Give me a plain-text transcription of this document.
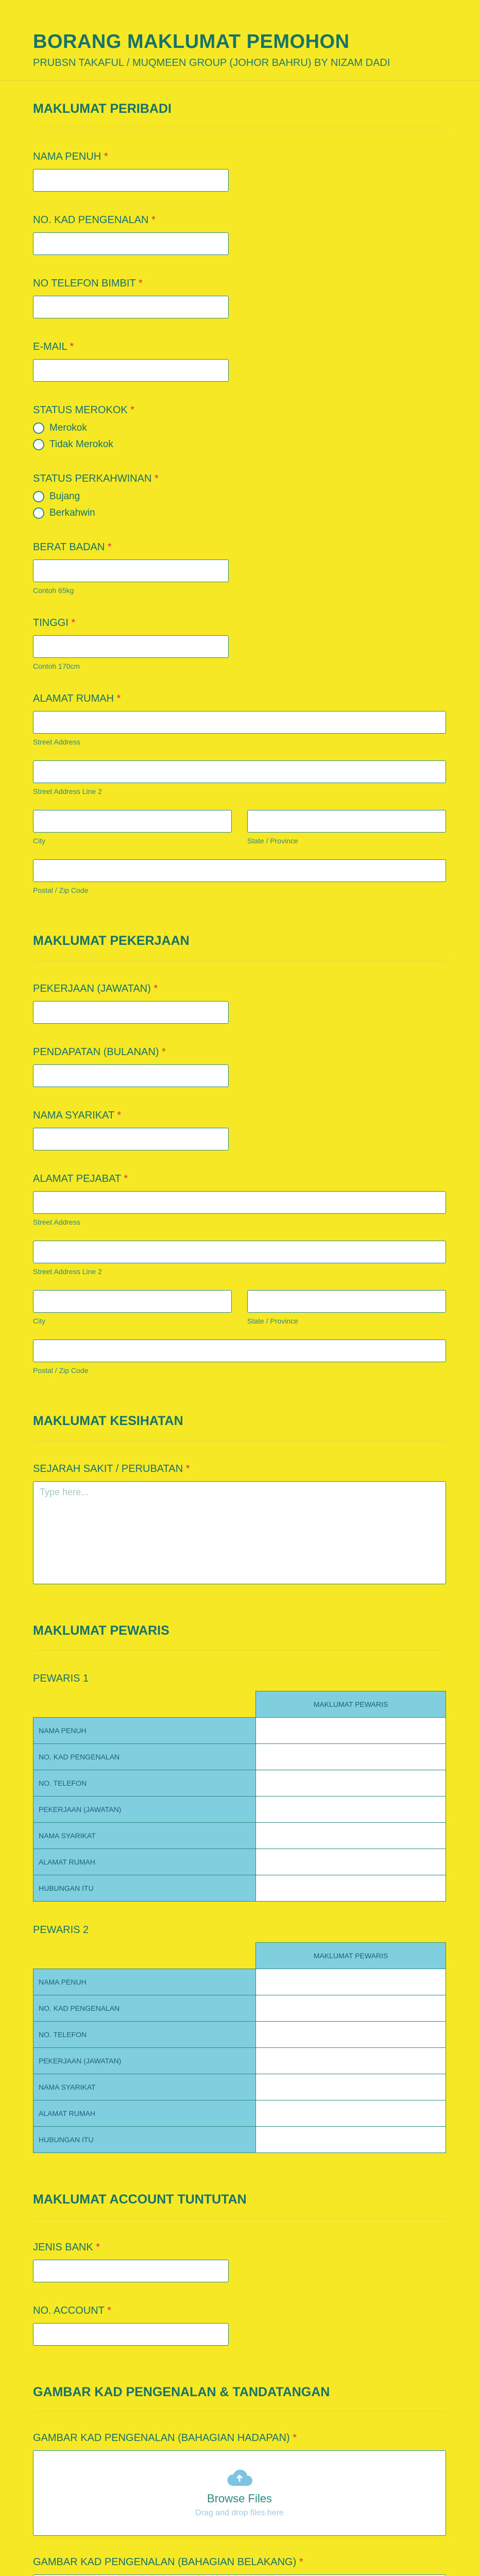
BORANG MAKLUMAT PEMOHON
PRUBSN TAKAFUL / MUQMEEN GROUP (JOHOR BAHRU) BY NIZAM DADI
MAKLUMAT PERIBADI
NAMA PENUH *
NO. KAD PENGENALAN *
NO TELEFON BIMBIT *
E-MAIL *
STATUS MEROKOK *
Merokok
Tidak Merokok
STATUS PERKAHWINAN *
Bujang
Berkahwin
BERAT BADAN *
Contoh 65kg
TINGGI *
Contoh 170cm
ALAMAT RUMAH *
Street Address
Street Address Line 2
City	State / Province
Postal / Zip Code
MAKLUMAT PEKERJAAN
PEKERJAAN (JAWATAN) *
PENDAPATAN (BULANAN) *
NAMA SYARIKAT *
ALAMAT PEJABAT *
Street Address
Street Address Line 2
City	State / Province
Postal / Zip Code
MAKLUMAT KESIHATAN
SEJARAH SAKIT / PERUBATAN *
Type here...
MAKLUMAT PEWARIS
PEWARIS 1
	MAKLUMAT PEWARIS
NAMA PENUH	
NO. KAD PENGENALAN	
NO. TELEFON	
PEKERJAAN (JAWATAN)	
NAMA SYARIKAT	
ALAMAT RUMAH	
HUBUNGAN ITU	
PEWARIS 2
	MAKLUMAT PEWARIS
NAMA PENUH	
NO. KAD PENGENALAN	
NO. TELEFON	
PEKERJAAN (JAWATAN)	
NAMA SYARIKAT	
ALAMAT RUMAH	
HUBUNGAN ITU	
MAKLUMAT ACCOUNT TUNTUTAN
JENIS BANK *
NO. ACCOUNT *
GAMBAR KAD PENGENALAN & TANDATANGAN
GAMBAR KAD PENGENALAN (BAHAGIAN HADAPAN) *
Browse Files
Drag and drop files here
GAMBAR KAD PENGENALAN (BAHAGIAN BELAKANG) *
